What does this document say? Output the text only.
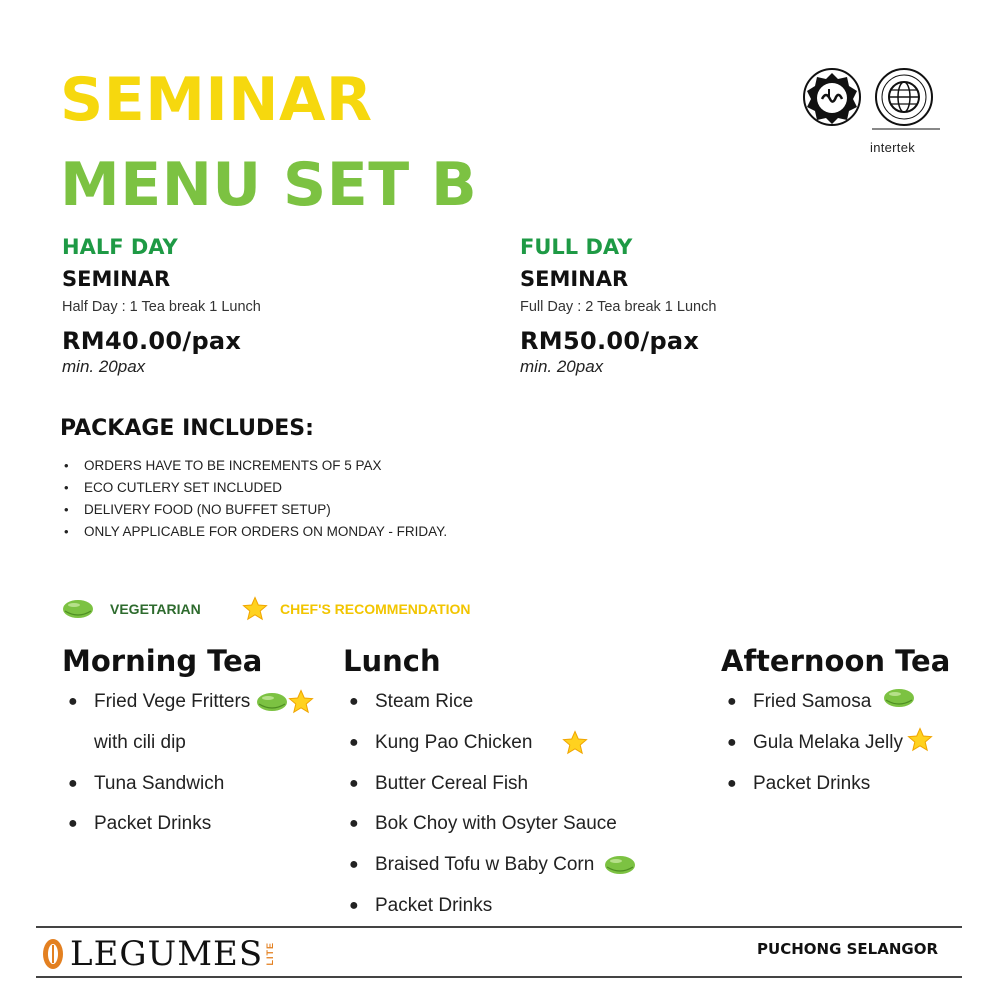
SEMINAR
MENU SET B
intertek
HALF DAY
SEMINAR
Half Day : 1 Tea break 1 Lunch
RM40.00/pax
min. 20pax
FULL DAY
SEMINAR
Full Day : 2 Tea break 1 Lunch
RM50.00/pax
min. 20pax
PACKAGE INCLUDES:
• ORDERS HAVE TO BE INCREMENTS OF 5 PAX
• ECO CUTLERY SET INCLUDED
• DELIVERY FOOD (NO BUFFET SETUP)
• ONLY APPLICABLE FOR ORDERS ON MONDAY - FRIDAY.
VEGETARIAN	CHEF'S RECOMMENDATION
Morning Tea
● Fried Vege Fritters
with cili dip
● Tuna Sandwich
● Packet Drinks
Lunch
● Steam Rice
● Kung Pao Chicken
● Butter Cereal Fish
● Bok Choy with Osyter Sauce
● Braised Tofu w Baby Corn
● Packet Drinks
Afternoon Tea
● Fried Samosa
● Gula Melaka Jelly
● Packet Drinks
LEGUMES LITE	PUCHONG SELANGOR
